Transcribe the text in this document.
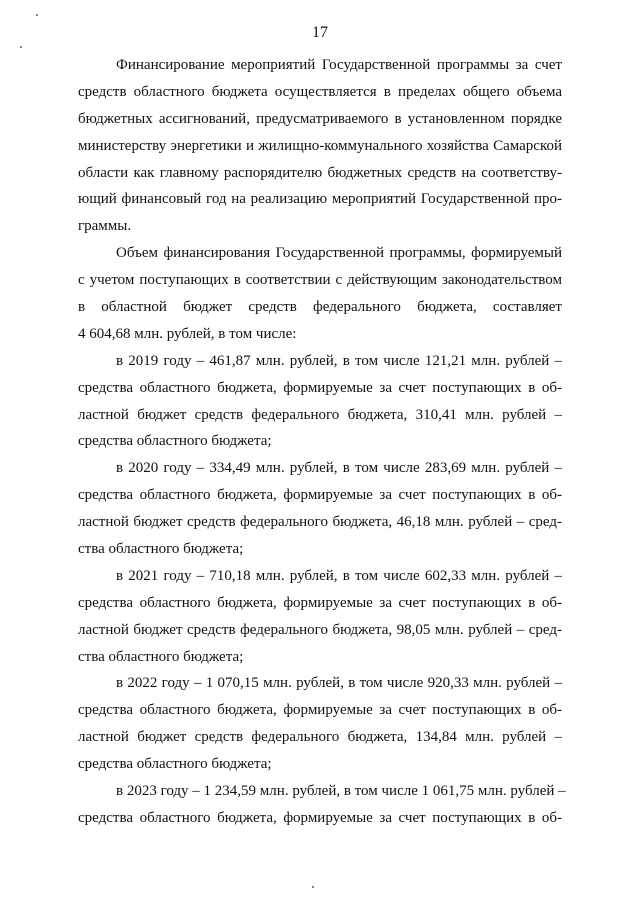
17
Финансирование мероприятий Государственной программы за счет
средств областного бюджета осуществляется в пределах общего объема
бюджетных ассигнований, предусматриваемого в установленном порядке
министерству энергетики и жилищно-коммунального хозяйства Самарской
области как главному распорядителю бюджетных средств на соответству-
ющий финансовый год на реализацию мероприятий Государственной про-
граммы.
Объем финансирования Государственной программы, формируемый
с учетом поступающих в соответствии с действующим законодательством
в областной бюджет средств федерального бюджета, составляет
4 604,68 млн. рублей, в том числе:
в 2019 году – 461,87 млн. рублей, в том числе 121,21 млн. рублей –
средства областного бюджета, формируемые за счет поступающих в об-
ластной бюджет средств федерального бюджета, 310,41 млн. рублей –
средства областного бюджета;
в 2020 году – 334,49 млн. рублей, в том числе 283,69 млн. рублей –
средства областного бюджета, формируемые за счет поступающих в об-
ластной бюджет средств федерального бюджета, 46,18 млн. рублей – сред-
ства областного бюджета;
в 2021 году – 710,18 млн. рублей, в том числе 602,33 млн. рублей –
средства областного бюджета, формируемые за счет поступающих в об-
ластной бюджет средств федерального бюджета, 98,05 млн. рублей – сред-
ства областного бюджета;
в 2022 году – 1 070,15 млн. рублей, в том числе 920,33 млн. рублей –
средства областного бюджета, формируемые за счет поступающих в об-
ластной бюджет средств федерального бюджета, 134,84 млн. рублей –
средства областного бюджета;
в 2023 году – 1 234,59 млн. рублей, в том числе 1 061,75 млн. рублей –
средства областного бюджета, формируемые за счет поступающих в об-
